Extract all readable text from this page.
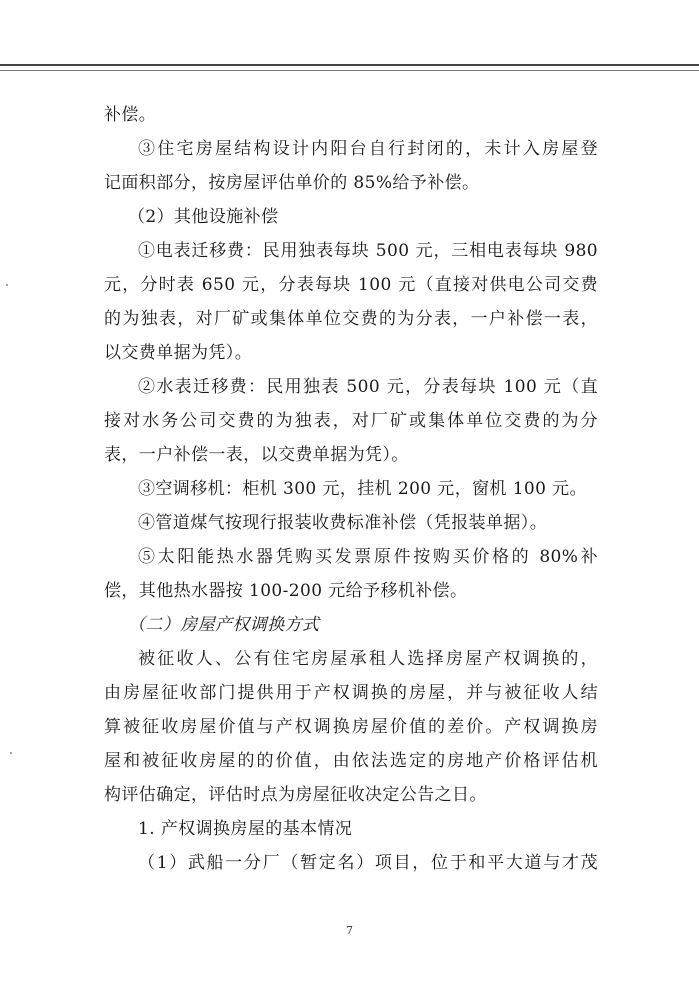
补偿。
③住宅房屋结构设计内阳台自行封闭的，未计入房屋登
记面积部分，按房屋评估单价的 85%给予补偿。
（2）其他设施补偿
①电表迁移费：民用独表每块 500 元，三相电表每块 980
元，分时表 650 元，分表每块 100 元（直接对供电公司交费
的为独表，对厂矿或集体单位交费的为分表，一户补偿一表，
以交费单据为凭）。
②水表迁移费：民用独表 500 元，分表每块 100 元（直
接对水务公司交费的为独表，对厂矿或集体单位交费的为分
表，一户补偿一表，以交费单据为凭）。
③空调移机：柜机 300 元，挂机 200 元，窗机 100 元。
④管道煤气按现行报装收费标准补偿（凭报装单据）。
⑤太阳能热水器凭购买发票原件按购买价格的 80%补
偿，其他热水器按 100-200 元给予移机补偿。
（二）房屋产权调换方式
被征收人、公有住宅房屋承租人选择房屋产权调换的，
由房屋征收部门提供用于产权调换的房屋，并与被征收人结
算被征收房屋价值与产权调换房屋价值的差价。产权调换房
屋和被征收房屋的的价值，由依法选定的房地产价格评估机
构评估确定，评估时点为房屋征收决定公告之日。
1. 产权调换房屋的基本情况
（1）武船一分厂（暂定名）项目，位于和平大道与才茂
7
